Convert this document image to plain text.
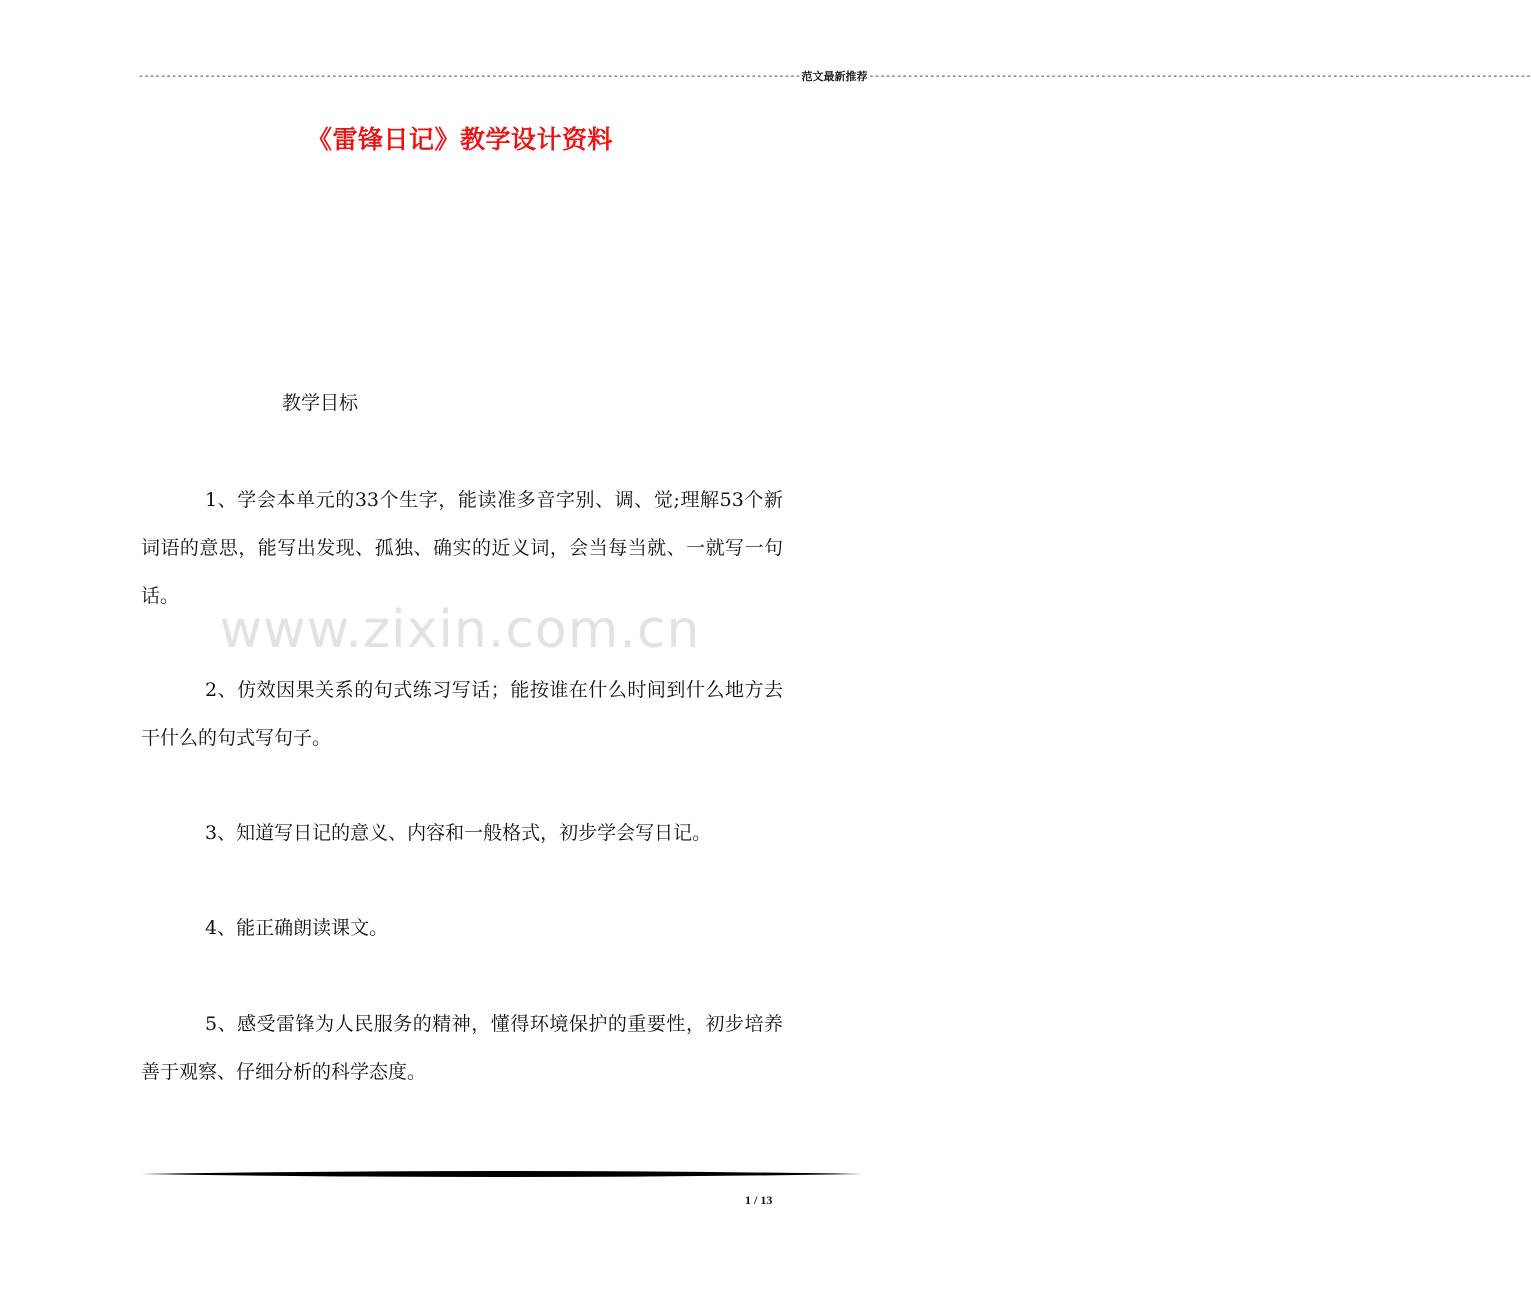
------------------------------------------------------------------------------------------------------------------------ 范文最新推荐 ------------------------------------------------------------------------------------------------------------------------
《雷锋日记》教学设计资料
教学目标
1、学会本单元的33个生字，能读准多音字别、调、觉;理解53个新词语的意思，能写出发现、孤独、确实的近义词，会当每当就、一就写一句话。
2、仿效因果关系的句式练习写话；能按谁在什么时间到什么地方去干什么的句式写句子。
3、知道写日记的意义、内容和一般格式，初步学会写日记。
4、能正确朗读课文。
5、感受雷锋为人民服务的精神，懂得环境保护的重要性，初步培养善于观察、仔细分析的科学态度。
www.zixin.com.cn
1 / 13
